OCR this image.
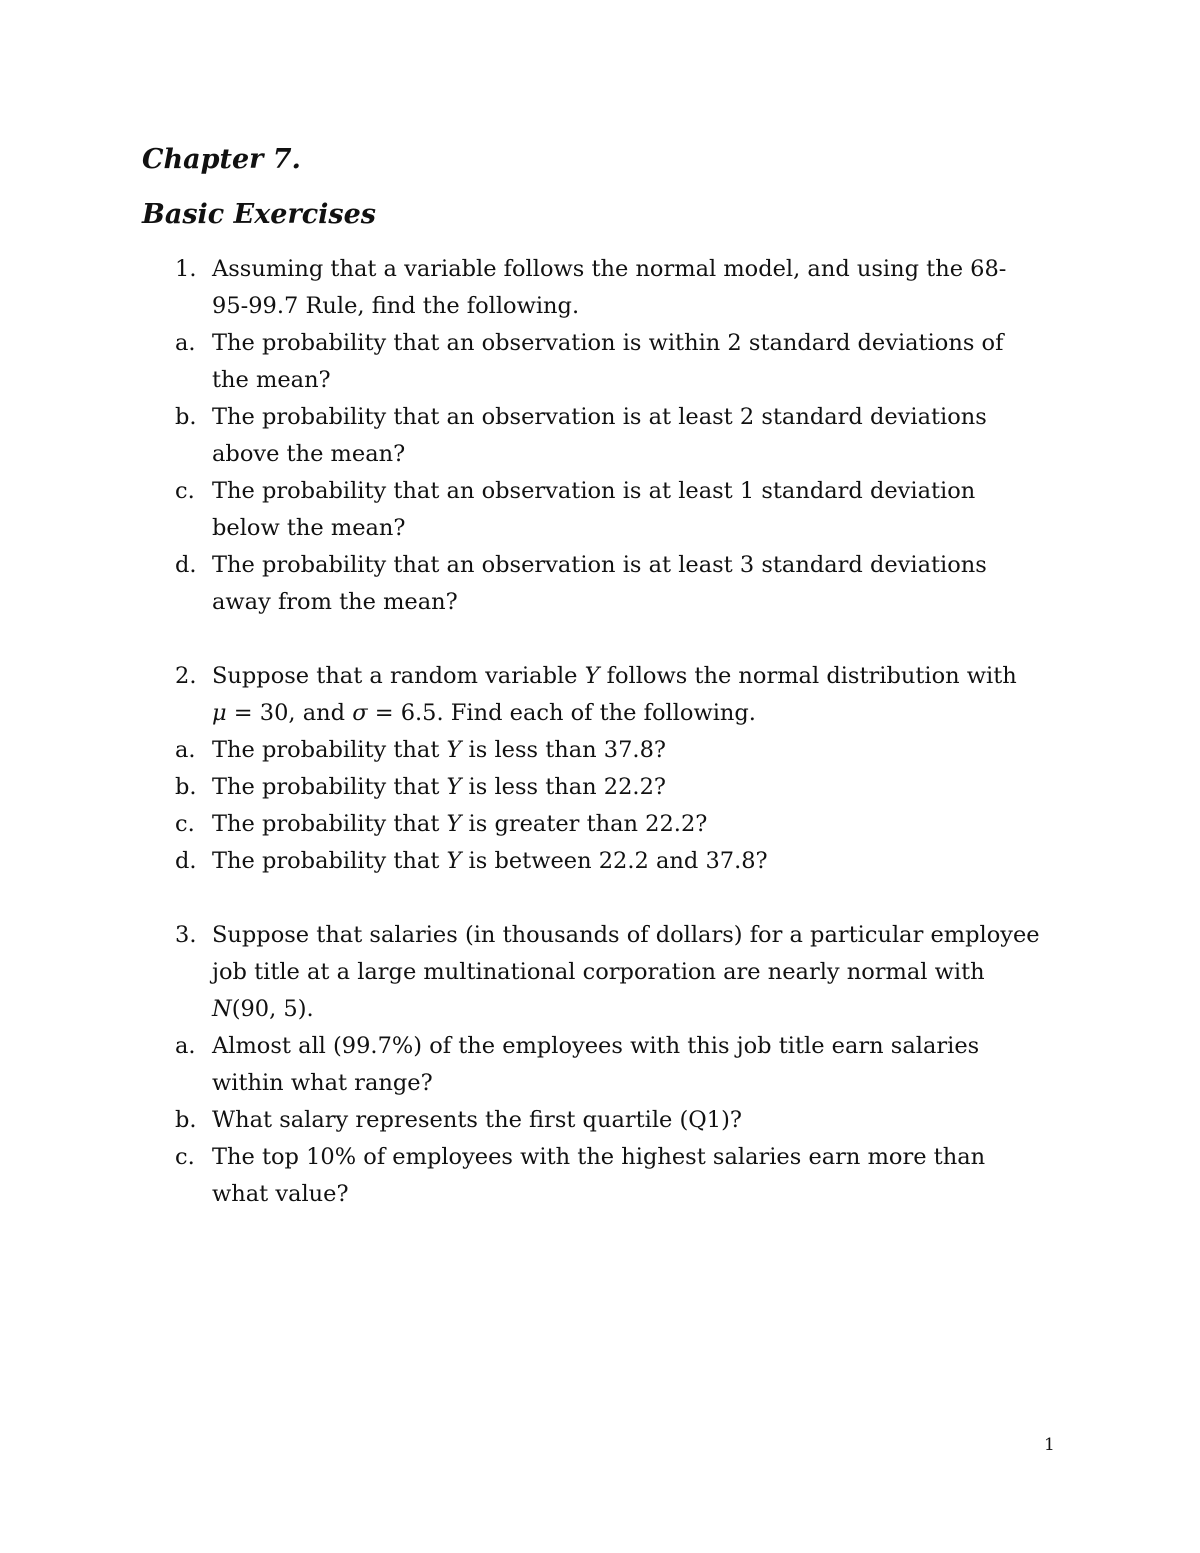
Chapter 7.
Basic Exercises
1. Assuming that a variable follows the normal model, and using the 68-
95-99.7 Rule, find the following.
a. The probability that an observation is within 2 standard deviations of
the mean?
b. The probability that an observation is at least 2 standard deviations
above the mean?
c. The probability that an observation is at least 1 standard deviation
below the mean?
d. The probability that an observation is at least 3 standard deviations
away from the mean?
2. Suppose that a random variable Y follows the normal distribution with
μ = 30, and σ = 6.5. Find each of the following.
a. The probability that Y is less than 37.8?
b. The probability that Y is less than 22.2?
c. The probability that Y is greater than 22.2?
d. The probability that Y is between 22.2 and 37.8?
3. Suppose that salaries (in thousands of dollars) for a particular employee
job title at a large multinational corporation are nearly normal with
N(90, 5).
a. Almost all (99.7%) of the employees with this job title earn salaries
within what range?
b. What salary represents the first quartile (Q1)?
c. The top 10% of employees with the highest salaries earn more than
what value?
1
